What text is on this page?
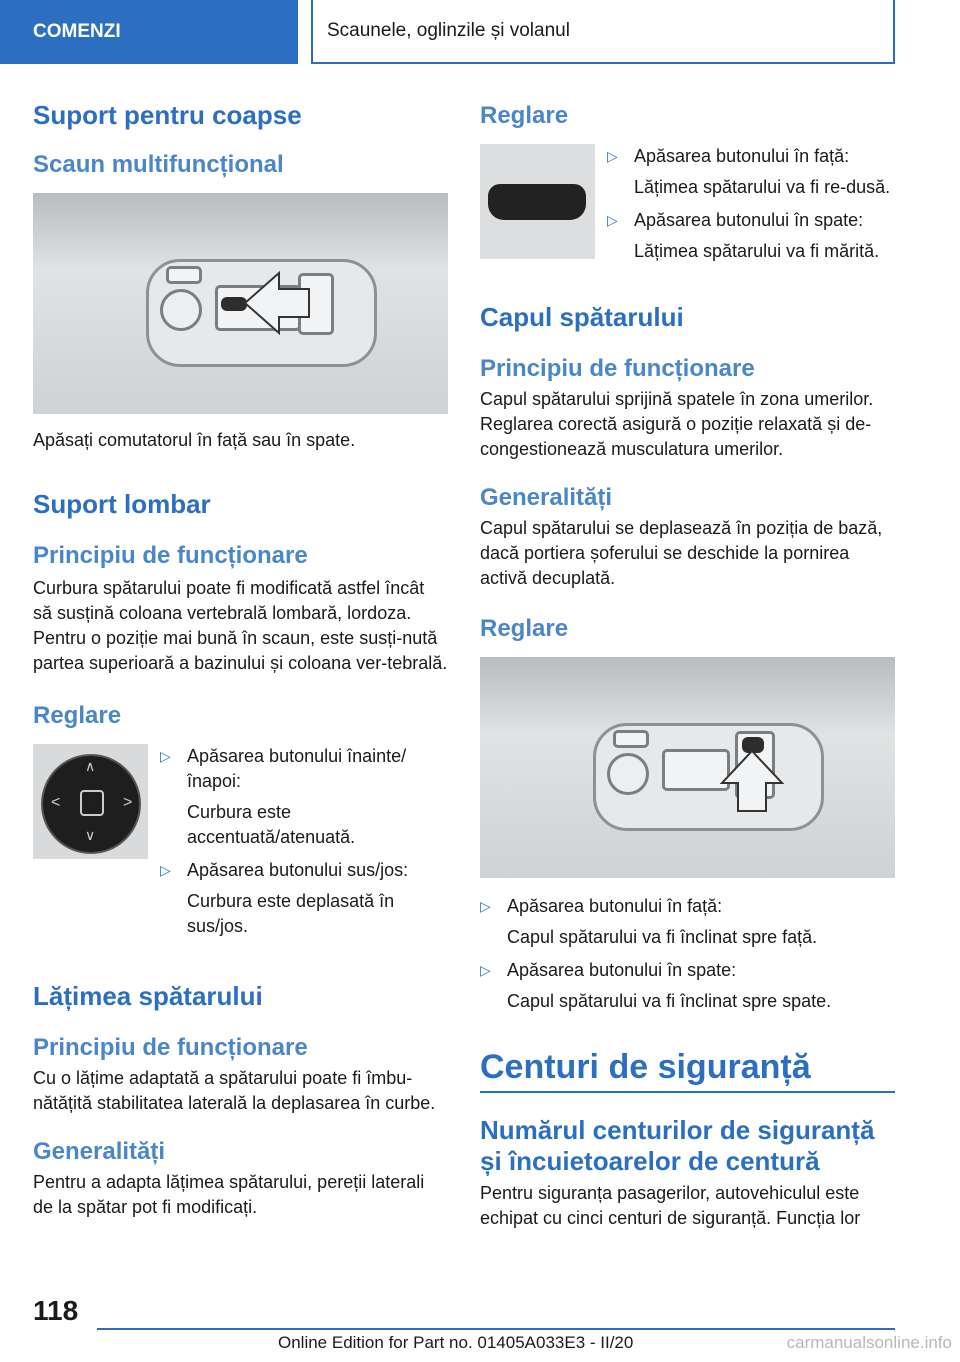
COMENZI	Scaunele, oglinzile și volanul
Suport pentru coapse
Scaun multifuncțional

Apăsați comutatorul în față sau în spate.

Suport lombar
Principiu de funcționare

Curbura spătarului poate fi modificată astfel încât să susțină coloana vertebrală lombară, lordoza. Pentru o poziție mai bună în scaun, este susți-nută partea superioară a bazinului și coloana ver-tebrală.

Reglare
∧
∨
<	>
▷ Apăsarea butonului înainte/înapoi:
Curbura este accentuată/atenuată.
▷ Apăsarea butonului sus/jos:
Curbura este deplasată în sus/jos.
Lățimea spătarului
Principiu de funcționare

Cu o lățime adaptată a spătarului poate fi îmbu-nătățită stabilitatea laterală la deplasarea în curbe.

Generalități

Pentru a adapta lățimea spătarului, pereții laterali de la spătar pot fi modificați.

Reglare
▷ Apăsarea butonului în față:
Lățimea spătarului va fi re-dusă.
▷ Apăsarea butonului în spate:
Lățimea spătarului va fi mărită.
Capul spătarului
Principiu de funcționare

Capul spătarului sprijină spatele în zona umerilor. Reglarea corectă asigură o poziție relaxată și de-congestionează musculatura umerilor.

Generalități

Capul spătarului se deplasează în poziția de bază, dacă portiera șoferului se deschide la pornirea activă decuplată.

Reglare
▷ Apăsarea butonului în față:
Capul spătarului va fi înclinat spre față.
▷ Apăsarea butonului în spate:
Capul spătarului va fi înclinat spre spate.
Centuri de siguranță
Numărul centurilor de siguranță și încuietoarelor de centură

Pentru siguranța pasagerilor, autovehiculul este echipat cu cinci centuri de siguranță. Funcția lor

118
Online Edition for Part no. 01405A033E3 - II/20	carmanualsonline.info
